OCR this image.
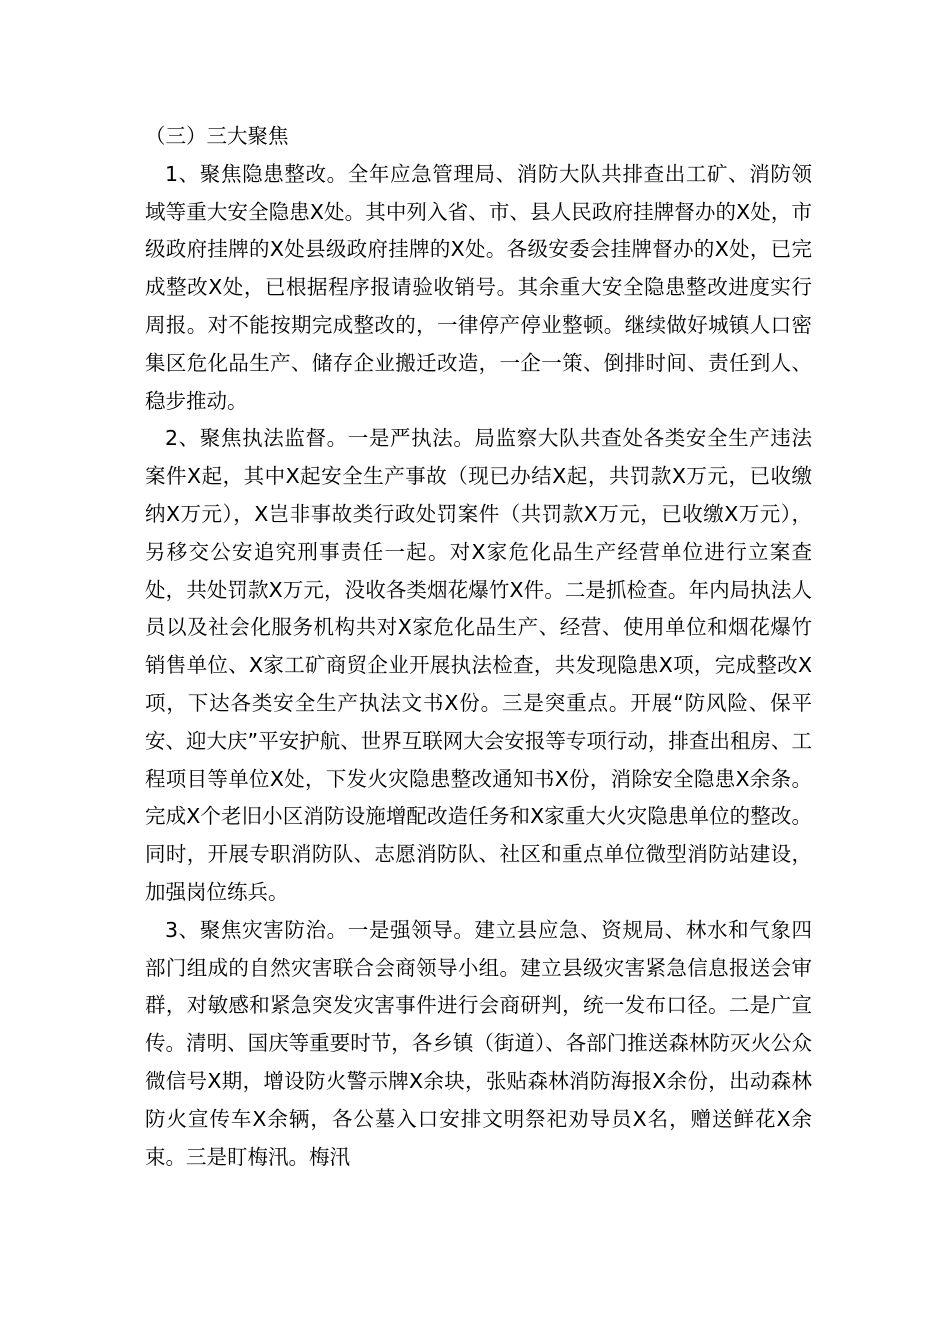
（三）三大聚焦

1、聚焦隐患整改。全年应急管理局、消防大队共排查出工矿、消防领域等重大安全隐患X处。其中列入省、市、县人民政府挂牌督办的X处，市级政府挂牌的X处县级政府挂牌的X处。各级安委会挂牌督办的X处，已完成整改X处，已根据程序报请验收销号。其余重大安全隐患整改进度实行周报。对不能按期完成整改的，一律停产停业整顿。继续做好城镇人口密集区危化品生产、储存企业搬迁改造，一企一策、倒排时间、责任到人、稳步推动。

2、聚焦执法监督。一是严执法。局监察大队共查处各类安全生产违法案件X起，其中X起安全生产事故（现已办结X起，共罚款X万元，已收缴纳X万元），X岂非事故类行政处罚案件（共罚款X万元，已收缴X万元），另移交公安追究刑事责任一起。对X家危化品生产经营单位进行立案查处，共处罚款X万元，没收各类烟花爆竹X件。二是抓检查。年内局执法人员以及社会化服务机构共对X家危化品生产、经营、使用单位和烟花爆竹销售单位、X家工矿商贸企业开展执法检查，共发现隐患X项，完成整改X项，下达各类安全生产执法文书X份。三是突重点。开展“防风险、保平安、迎大庆”平安护航、世界互联网大会安报等专项行动，排查出租房、工程项目等单位X处，下发火灾隐患整改通知书X份，消除安全隐患X余条。完成X个老旧小区消防设施增配改造任务和X家重大火灾隐患单位的整改。同时，开展专职消防队、志愿消防队、社区和重点单位微型消防站建设，加强岗位练兵。

3、聚焦灾害防治。一是强领导。建立县应急、资规局、林水和气象四部门组成的自然灾害联合会商领导小组。建立县级灾害紧急信息报送会审群，对敏感和紧急突发灾害事件进行会商研判，统一发布口径。二是广宣传。清明、国庆等重要时节，各乡镇（街道）、各部门推送森林防灭火公众微信号X期，增设防火警示牌X余块，张贴森林消防海报X余份，出动森林防火宣传车X余辆，各公墓入口安排文明祭祀劝导员X名，赠送鲜花X余束。三是盯梅汛。梅汛
